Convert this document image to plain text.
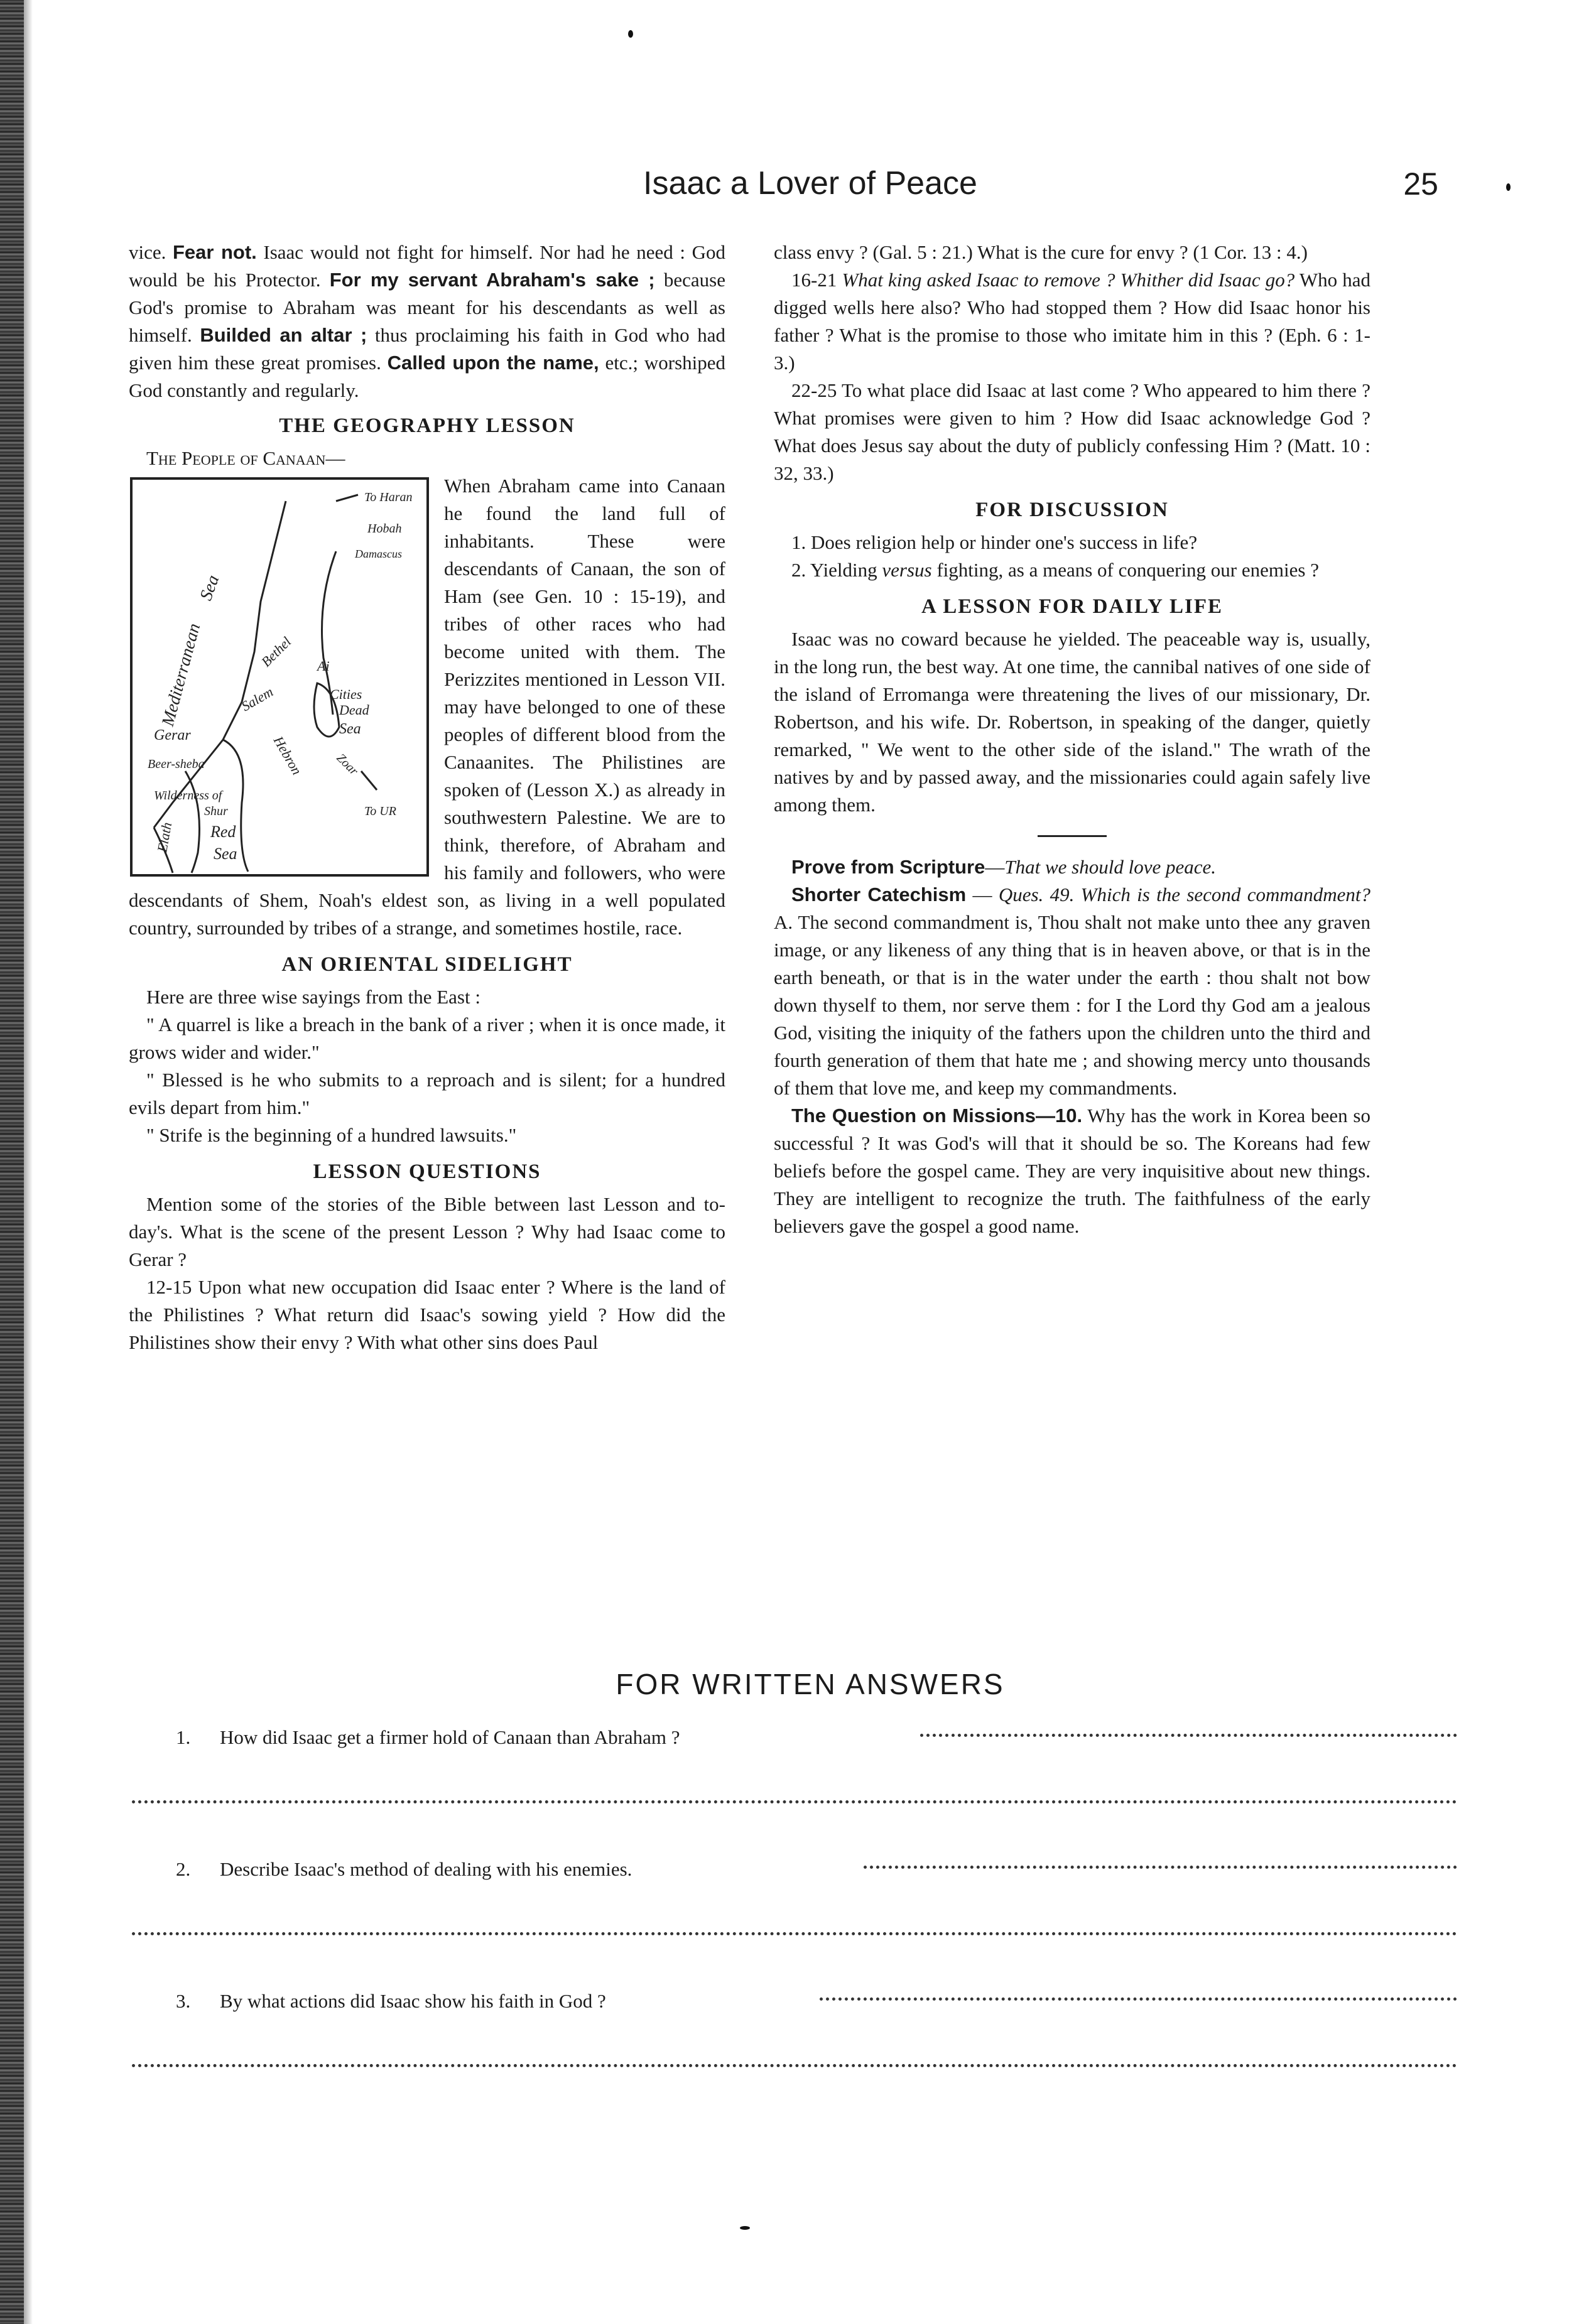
Isaac a Lover of Peace	25

vice. Fear not. Isaac would not fight for himself. Nor had he need : God would be his Protector. For my servant Abraham's sake ; because God's promise to Abraham was meant for his descendants as well as himself. Builded an altar ; thus proclaiming his faith in God who had given him these great promises. Called upon the name, etc.; worshiped God constantly and regularly.

THE GEOGRAPHY LESSON

The People of Canaan—

Mediterranean
Sea
To Haran
Hobah
Damascus
Bethel Ai
Cities
Salem	Dead
Sea
Gerar	Hebron
Beer-sheba	Zoar
Wilderness of
Shur
Red
Sea
Elath
To UR

When Abraham came into Canaan he found the land full of inhabitants. These were descendants of Canaan, the son of Ham (see Gen. 10 : 15-19), and tribes of other races who had become united with them. The Perizzites mentioned in Lesson VII. may have belonged to one of these peoples of different blood from the Canaanites. The Philistines are spoken of (Lesson X.) as already in southwestern Palestine. We are to think, therefore, of Abraham and his family and followers, who were descendants of Shem, Noah's eldest son, as living in a well populated country, surrounded by tribes of a strange, and sometimes hostile, race.

AN ORIENTAL SIDELIGHT

Here are three wise sayings from the East :

" A quarrel is like a breach in the bank of a river ; when it is once made, it grows wider and wider."

" Blessed is he who submits to a reproach and is silent; for a hundred evils depart from him."

" Strife is the beginning of a hundred lawsuits."

LESSON QUESTIONS

Mention some of the stories of the Bible between last Lesson and to-day's. What is the scene of the present Lesson ? Why had Isaac come to Gerar ?

12-15 Upon what new occupation did Isaac enter ? Where is the land of the Philistines ? What return did Isaac's sowing yield ? How did the Philistines show their envy ? With what other sins does Paul

class envy ? (Gal. 5 : 21.) What is the cure for envy ? (1 Cor. 13 : 4.)

16-21 What king asked Isaac to remove ? Whither did Isaac go? Who had digged wells here also? Who had stopped them ? How did Isaac honor his father ? What is the promise to those who imitate him in this ? (Eph. 6 : 1-3.)

22-25 To what place did Isaac at last come ? Who appeared to him there ? What promises were given to him ? How did Isaac acknowledge God ? What does Jesus say about the duty of publicly confessing Him ? (Matt. 10 : 32, 33.)

FOR DISCUSSION

1. Does religion help or hinder one's success in life?

2. Yielding versus fighting, as a means of conquering our enemies ?

A LESSON FOR DAILY LIFE

Isaac was no coward because he yielded. The peaceable way is, usually, in the long run, the best way. At one time, the cannibal natives of one side of the island of Erromanga were threatening the lives of our missionary, Dr. Robertson, and his wife. Dr. Robertson, in speaking of the danger, quietly remarked, " We went to the other side of the island." The wrath of the natives by and by passed away, and the missionaries could again safely live among them.

Prove from Scripture—That we should love peace.

Shorter Catechism — Ques. 49. Which is the second commandment? A. The second commandment is, Thou shalt not make unto thee any graven image, or any likeness of any thing that is in heaven above, or that is in the earth beneath, or that is in the water under the earth : thou shalt not bow down thyself to them, nor serve them : for I the Lord thy God am a jealous God, visiting the iniquity of the fathers upon the children unto the third and fourth generation of them that hate me ; and showing mercy unto thousands of them that love me, and keep my commandments.

The Question on Missions—10. Why has the work in Korea been so successful ? It was God's will that it should be so. The Koreans had few beliefs before the gospel came. They are very inquisitive about new things. They are intelligent to recognize the truth. The faithfulness of the early believers gave the gospel a good name.

FOR WRITTEN ANSWERS
1. How did Isaac get a firmer hold of Canaan than Abraham ?
2. Describe Isaac's method of dealing with his enemies.
3. By what actions did Isaac show his faith in God ?
